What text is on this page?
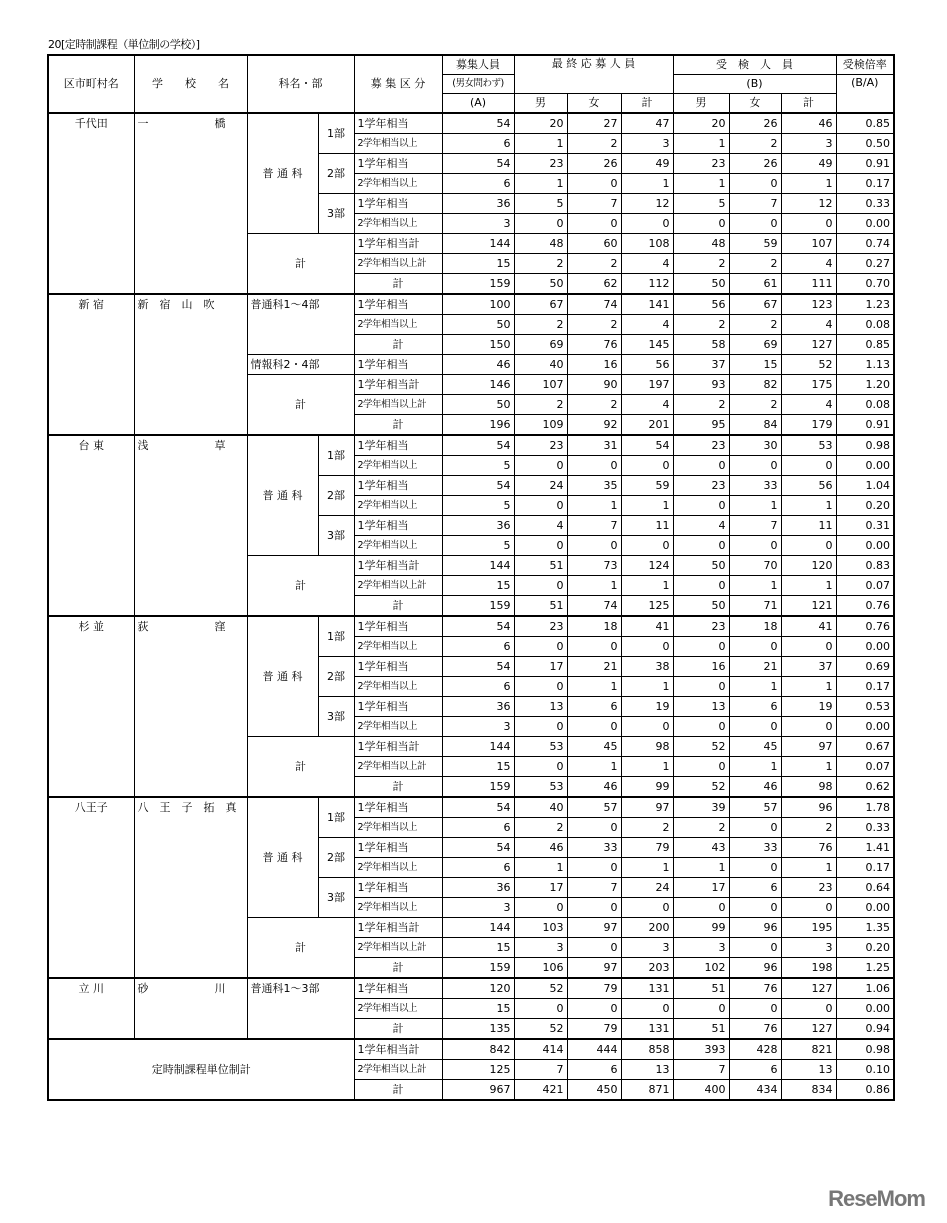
20[定時制課程（単位制の学校）]
区市町村名	学　　校　　名	科名・部		募 集 区 分	募集人員	最 終 応 募 人 員			受　検　人　員			受検倍率
					(男女問わず)				(B)			(B/A)
					(A)	男	女	計	男	女	計	
千代田	一　　　　　　橋	普 通 科	1部	1学年相当	54	20	27	47	20	26	46	0.85
				2学年相当以上	6	1	2	3	1	2	3	0.50
			2部	1学年相当	54	23	26	49	23	26	49	0.91
				2学年相当以上	6	1	0	1	1	0	1	0.17
			3部	1学年相当	36	5	7	12	5	7	12	0.33
				2学年相当以上	3	0	0	0	0	0	0	0.00
		計		1学年相当計	144	48	60	108	48	59	107	0.74
				2学年相当以上計	15	2	2	4	2	2	4	0.27
				計	159	50	62	112	50	61	111	0.70
新 宿	新　宿　山　吹	普通科1～4部		1学年相当	100	67	74	141	56	67	123	1.23
				2学年相当以上	50	2	2	4	2	2	4	0.08
				計	150	69	76	145	58	69	127	0.85
		情報科2・4部		1学年相当	46	40	16	56	37	15	52	1.13
		計		1学年相当計	146	107	90	197	93	82	175	1.20
				2学年相当以上計	50	2	2	4	2	2	4	0.08
				計	196	109	92	201	95	84	179	0.91
台 東	浅　　　　　　草	普 通 科	1部	1学年相当	54	23	31	54	23	30	53	0.98
				2学年相当以上	5	0	0	0	0	0	0	0.00
			2部	1学年相当	54	24	35	59	23	33	56	1.04
				2学年相当以上	5	0	1	1	0	1	1	0.20
			3部	1学年相当	36	4	7	11	4	7	11	0.31
				2学年相当以上	5	0	0	0	0	0	0	0.00
		計		1学年相当計	144	51	73	124	50	70	120	0.83
				2学年相当以上計	15	0	1	1	0	1	1	0.07
				計	159	51	74	125	50	71	121	0.76
杉 並	荻　　　　　　窪	普 通 科	1部	1学年相当	54	23	18	41	23	18	41	0.76
				2学年相当以上	6	0	0	0	0	0	0	0.00
			2部	1学年相当	54	17	21	38	16	21	37	0.69
				2学年相当以上	6	0	1	1	0	1	1	0.17
			3部	1学年相当	36	13	6	19	13	6	19	0.53
				2学年相当以上	3	0	0	0	0	0	0	0.00
		計		1学年相当計	144	53	45	98	52	45	97	0.67
				2学年相当以上計	15	0	1	1	0	1	1	0.07
				計	159	53	46	99	52	46	98	0.62
八王子	八　王　子　拓　真	普 通 科	1部	1学年相当	54	40	57	97	39	57	96	1.78
				2学年相当以上	6	2	0	2	2	0	2	0.33
			2部	1学年相当	54	46	33	79	43	33	76	1.41
				2学年相当以上	6	1	0	1	1	0	1	0.17
			3部	1学年相当	36	17	7	24	17	6	23	0.64
				2学年相当以上	3	0	0	0	0	0	0	0.00
		計		1学年相当計	144	103	97	200	99	96	195	1.35
				2学年相当以上計	15	3	0	3	3	0	3	0.20
				計	159	106	97	203	102	96	198	1.25
立 川	砂　　　　　　川	普通科1～3部		1学年相当	120	52	79	131	51	76	127	1.06
				2学年相当以上	15	0	0	0	0	0	0	0.00
				計	135	52	79	131	51	76	127	0.94
定時制課程単位制計				1学年相当計	842	414	444	858	393	428	821	0.98
				2学年相当以上計	125	7	6	13	7	6	13	0.10
				計	967	421	450	871	400	434	834	0.86
ReseMom
